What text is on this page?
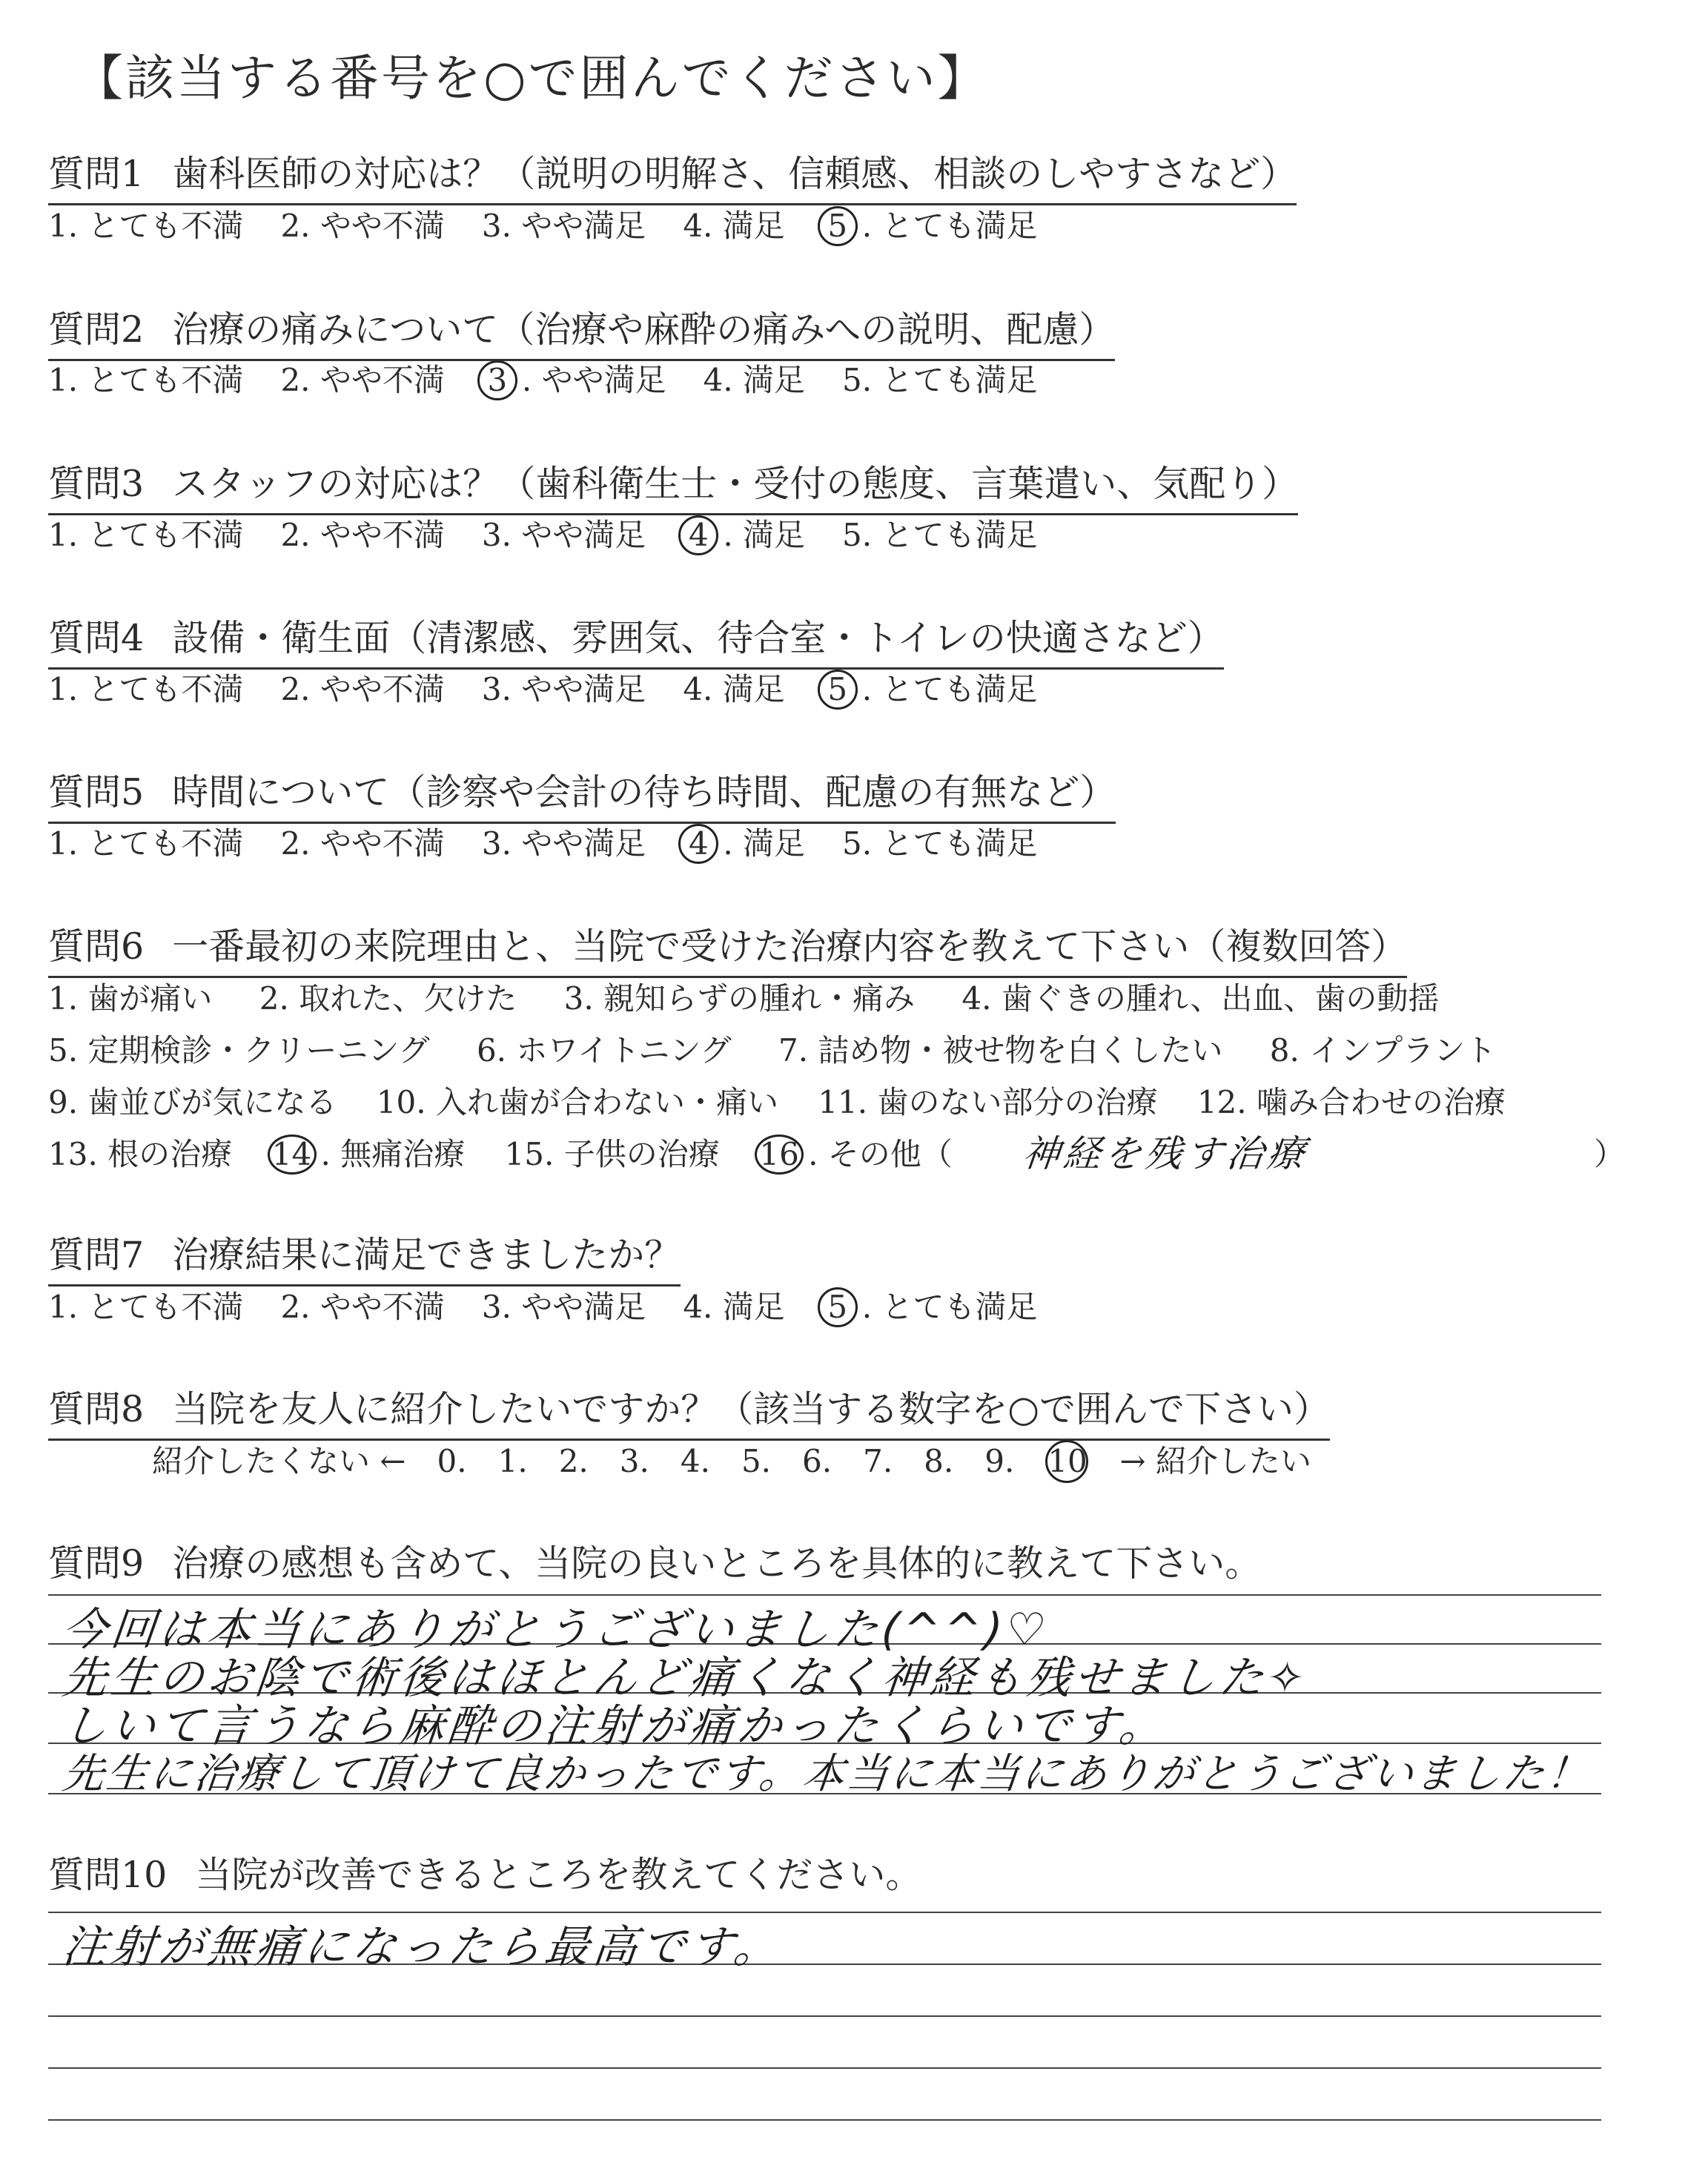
【該当する番号を○で囲んでください】
質問1 歯科医師の対応は？（説明の明解さ、信頼感、相談のしやすさなど）
1. とても不満 2. やや不満 3. やや満足 4. 満足 5 . とても満足
質問2 治療の痛みについて（治療や麻酔の痛みへの説明、配慮）
1. とても不満 2. やや不満 3 . やや満足 4. 満足 5. とても満足
質問3 スタッフの対応は？（歯科衛生士・受付の態度、言葉遣い、気配り）
1. とても不満 2. やや不満 3. やや満足 4 . 満足 5. とても満足
質問4 設備・衛生面（清潔感、雰囲気、待合室・トイレの快適さなど）
1. とても不満 2. やや不満 3. やや満足 4. 満足 5 . とても満足
質問5 時間について（診察や会計の待ち時間、配慮の有無など）
1. とても不満 2. やや不満 3. やや満足 4 . 満足 5. とても満足
質問6 一番最初の来院理由と、当院で受けた治療内容を教えて下さい（複数回答）
1. 歯が痛い 2. 取れた、欠けた 3. 親知らずの腫れ・痛み 4. 歯ぐきの腫れ、出血、歯の動揺
5. 定期検診・クリーニング 6. ホワイトニング 7. 詰め物・被せ物を白くしたい 8. インプラント
9. 歯並びが気になる 10. 入れ歯が合わない・痛い 11. 歯のない部分の治療 12. 噛み合わせの治療
13. 根の治療 14 . 無痛治療 15. 子供の治療 16 . その他（ 神経を残す治療	）
質問7 治療結果に満足できましたか？
1. とても不満 2. やや不満 3. やや満足 4. 満足 5 . とても満足
質問8 当院を友人に紹介したいですか？（該当する数字を○で囲んで下さい）
紹介したくない ← 0. 1. 2. 3. 4. 5. 6. 7. 8. 9. 10 → 紹介したい
質問9 治療の感想も含めて、当院の良いところを具体的に教えて下さい。
今回は本当にありがとうございました(^^)♡
先生のお陰で術後はほとんど痛くなく神経も残せました✧
しいて言うなら麻酔の注射が痛かったくらいです。
先生に治療して頂けて良かったです。本当に本当にありがとうございました！
質問10 当院が改善できるところを教えてください。
注射が無痛になったら最高です。
